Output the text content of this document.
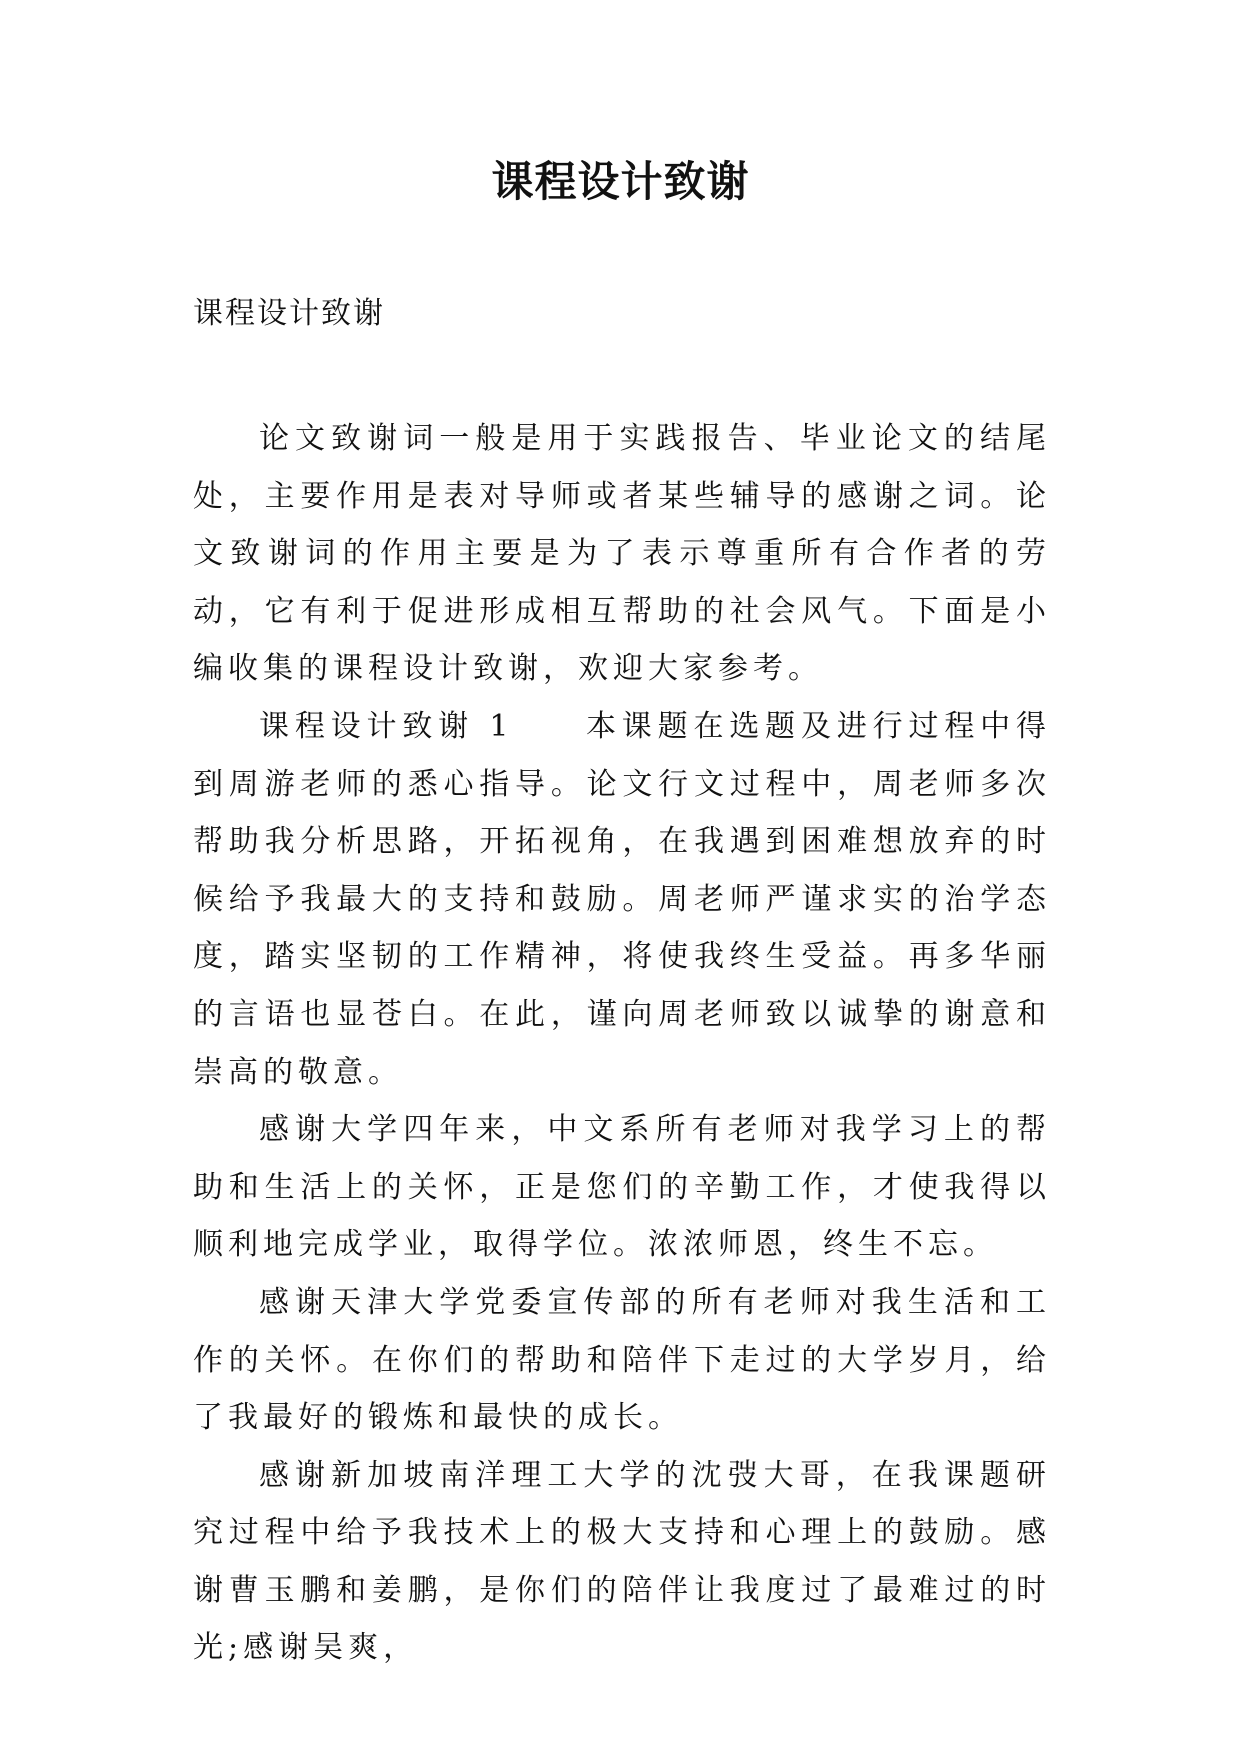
课程设计致谢

课程设计致谢

论文致谢词一般是用于实践报告、毕业论文的结尾处，主要作用是表对导师或者某些辅导的感谢之词。论文致谢词的作用主要是为了表示尊重所有合作者的劳动，它有利于促进形成相互帮助的社会风气。下面是小编收集的课程设计致谢，欢迎大家参考。

课程设计致谢 1　　本课题在选题及进行过程中得到周游老师的悉心指导。论文行文过程中，周老师多次帮助我分析思路，开拓视角，在我遇到困难想放弃的时候给予我最大的支持和鼓励。周老师严谨求实的治学态度，踏实坚韧的工作精神，将使我终生受益。再多华丽的言语也显苍白。在此，谨向周老师致以诚挚的谢意和崇高的敬意。

感谢大学四年来，中文系所有老师对我学习上的帮助和生活上的关怀，正是您们的辛勤工作，才使我得以顺利地完成学业，取得学位。浓浓师恩，终生不忘。

感谢天津大学党委宣传部的所有老师对我生活和工作的关怀。在你们的帮助和陪伴下走过的大学岁月，给了我最好的锻炼和最快的成长。

感谢新加坡南洋理工大学的沈弢大哥，在我课题研究过程中给予我技术上的极大支持和心理上的鼓励。感谢曹玉鹏和姜鹏，是你们的陪伴让我度过了最难过的时光;感谢吴爽，
